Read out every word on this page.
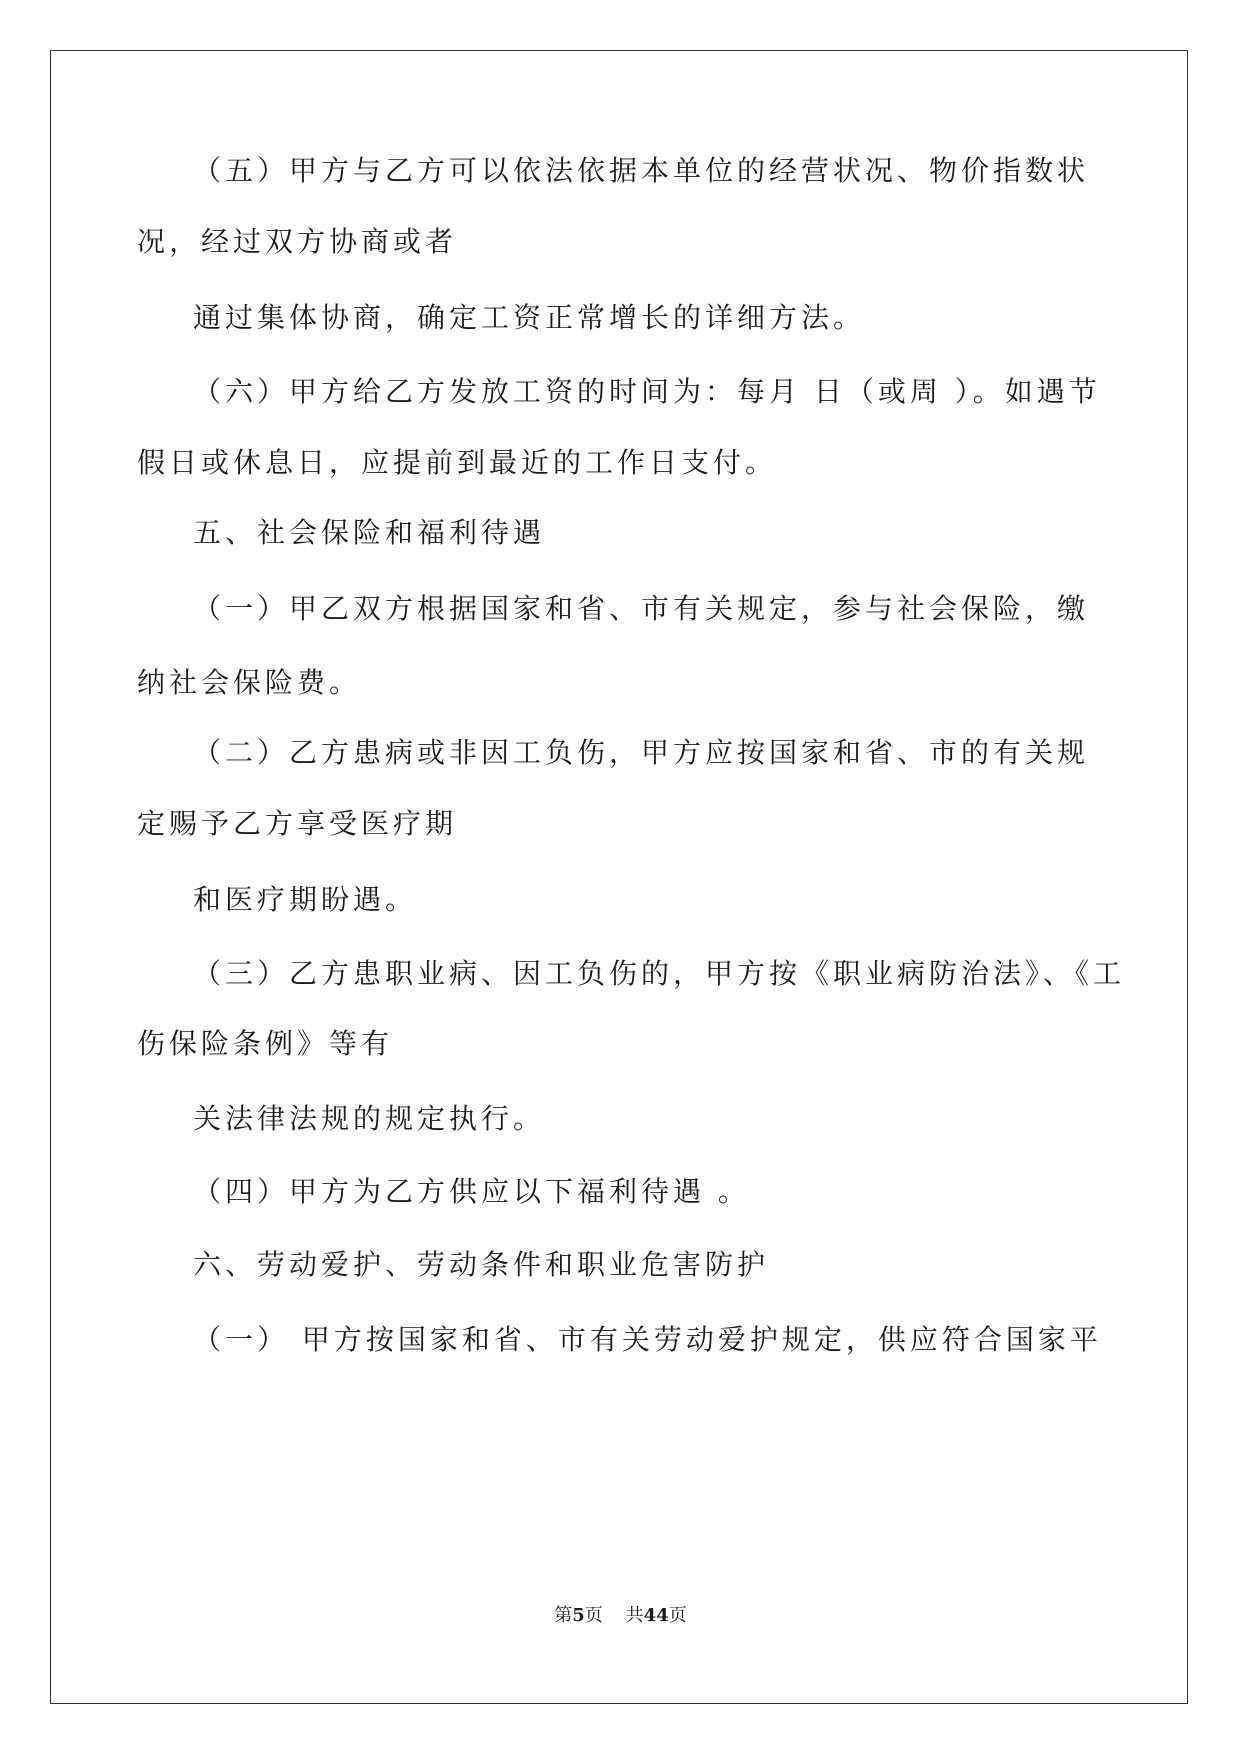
（五）甲方与乙方可以依法依据本单位的经营状况、物价指数状
况，经过双方协商或者
通过集体协商，确定工资正常增长的详细方法。
（六）甲方给乙方发放工资的时间为：每月 日（或周 ）。如遇节
假日或休息日，应提前到最近的工作日支付。
五、社会保险和福利待遇
（一）甲乙双方根据国家和省、市有关规定，参与社会保险，缴
纳社会保险费。
（二）乙方患病或非因工负伤，甲方应按国家和省、市的有关规
定赐予乙方享受医疗期
和医疗期盼遇。
（三）乙方患职业病、因工负伤的，甲方按《职业病防治法》、《工
伤保险条例》等有
关法律法规的规定执行。
（四）甲方为乙方供应以下福利待遇 。
六、劳动爱护、劳动条件和职业危害防护
（一） 甲方按国家和省、市有关劳动爱护规定，供应符合国家平
第5页 共44页
